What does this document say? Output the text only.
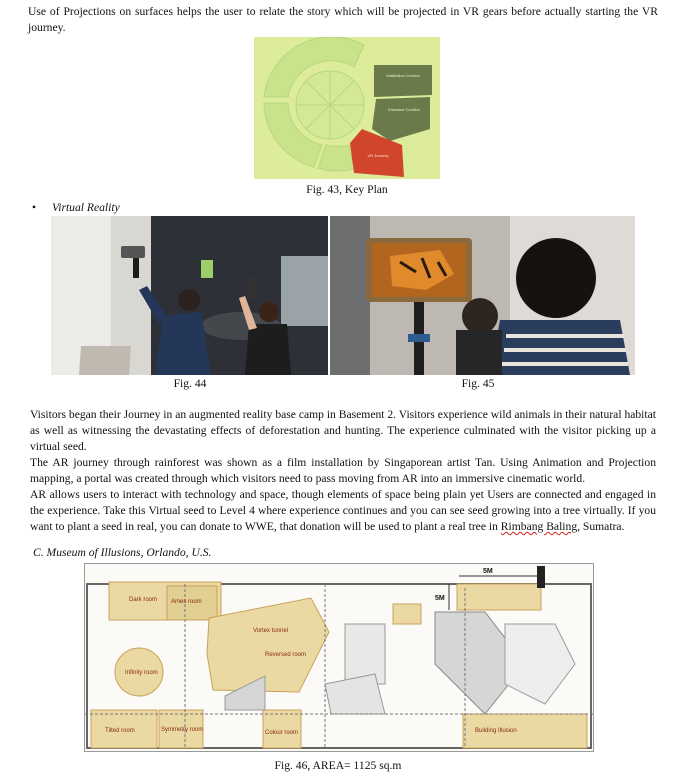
Use of Projections on surfaces helps the user to relate the story which will be projected in VR gears before actually starting the VR journey.
Antibiotics Corridor
Entrance Corridor
VR Journey
Fig. 43, Key Plan
• Virtual Reality
Fig. 44	Fig. 45
Visitors began their Journey in an augmented reality base camp in Basement 2. Visitors experience wild animals in their natural habitat as well as witnessing the devastating effects of deforestation and hunting. The experience culminated with the visitor picking up a virtual seed.
The AR journey through rainforest was shown as a film installation by Singaporean artist Tan. Using Animation and Projection mapping, a portal was created through which visitors need to pass moving from AR into an immersive cinematic world.
AR allows users to interact with technology and space, though elements of space being plain yet Users are connected and engaged in the experience. Take this Virtual seed to Level 4 where experience continues and you can see seed growing into a tree virtually. If you want to plant a seed in real, you can donate to WWE, that donation will be used to plant a real tree in Rimbang Baling, Sumatra.
C. Museum of Illusions, Orlando, U.S.
Dark room Ames room
Vortex tunnel
Reversed room
Infinity room
Tilted room	Symmetry room	Colour room	Building Illusion
5M
5M
Fig. 46, AREA= 1125 sq.m
